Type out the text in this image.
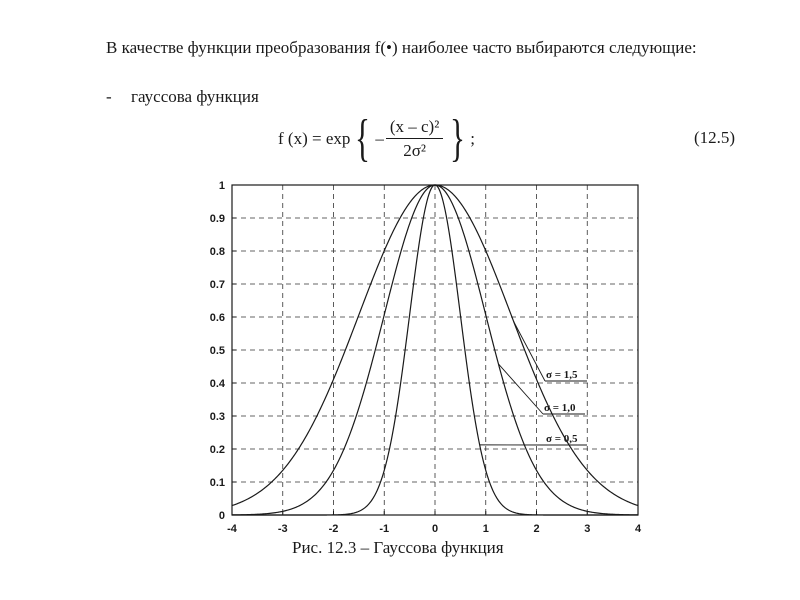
В качестве функции преобразования f(•) наиболее часто выбираются следующие:
- гауссова функция
f (x) = exp { – $\frac{\text{(x – c)²}}{\text{2σ²}}$ } ;	(12.5)
-4	-3	-2	-1	0	1	2	3	4
0
0.1
0.2
0.3
0.4
0.5
0.6
0.7
0.8
0.9
1
σ = 1,5
σ = 1,0
σ = 0,5
Рис. 12.3 – Гауссова функция
